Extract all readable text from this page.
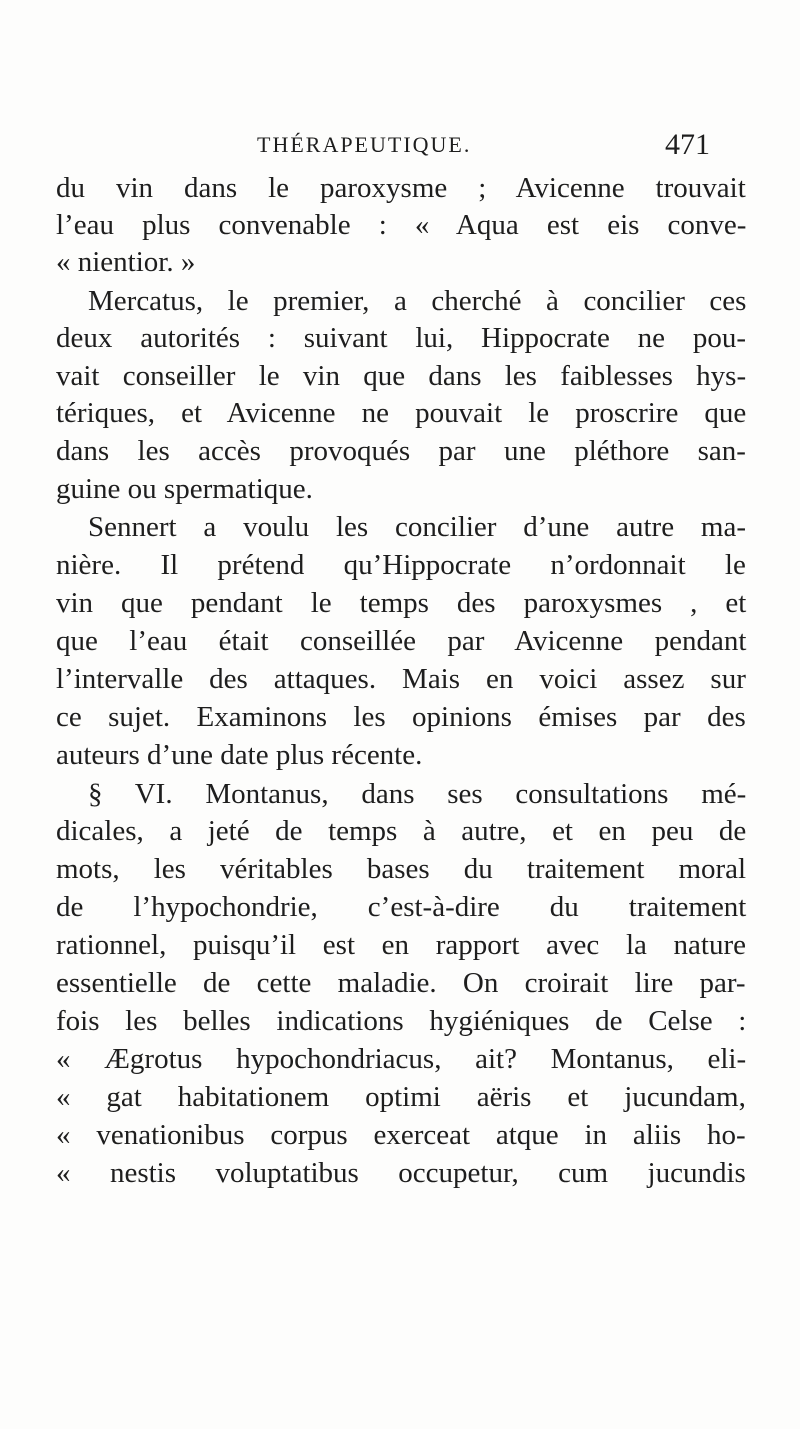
THÉRAPEUTIQUE.	471
du vin dans le paroxysme ; Avicenne trouvait
l’eau plus convenable : « Aqua est eis conve-
« nientior. »
Mercatus, le premier, a cherché à concilier ces
deux autorités : suivant lui, Hippocrate ne pou-
vait conseiller le vin que dans les faiblesses hys-
tériques, et Avicenne ne pouvait le proscrire que
dans les accès provoqués par une pléthore san-
guine ou spermatique.
Sennert a voulu les concilier d’une autre ma-
nière. Il prétend qu’Hippocrate n’ordonnait le
vin que pendant le temps des paroxysmes , et
que l’eau était conseillée par Avicenne pendant
l’intervalle des attaques. Mais en voici assez sur
ce sujet. Examinons les opinions émises par des
auteurs d’une date plus récente.
§ VI. Montanus, dans ses consultations mé-
dicales, a jeté de temps à autre, et en peu de
mots, les véritables bases du traitement moral
de l’hypochondrie, c’est-à-dire du traitement
rationnel, puisqu’il est en rapport avec la nature
essentielle de cette maladie. On croirait lire par-
fois les belles indications hygiéniques de Celse :
« Ægrotus hypochondriacus, ait? Montanus, eli-
« gat habitationem optimi aëris et jucundam,
« venationibus corpus exerceat atque in aliis ho-
« nestis voluptatibus occupetur, cum jucundis
